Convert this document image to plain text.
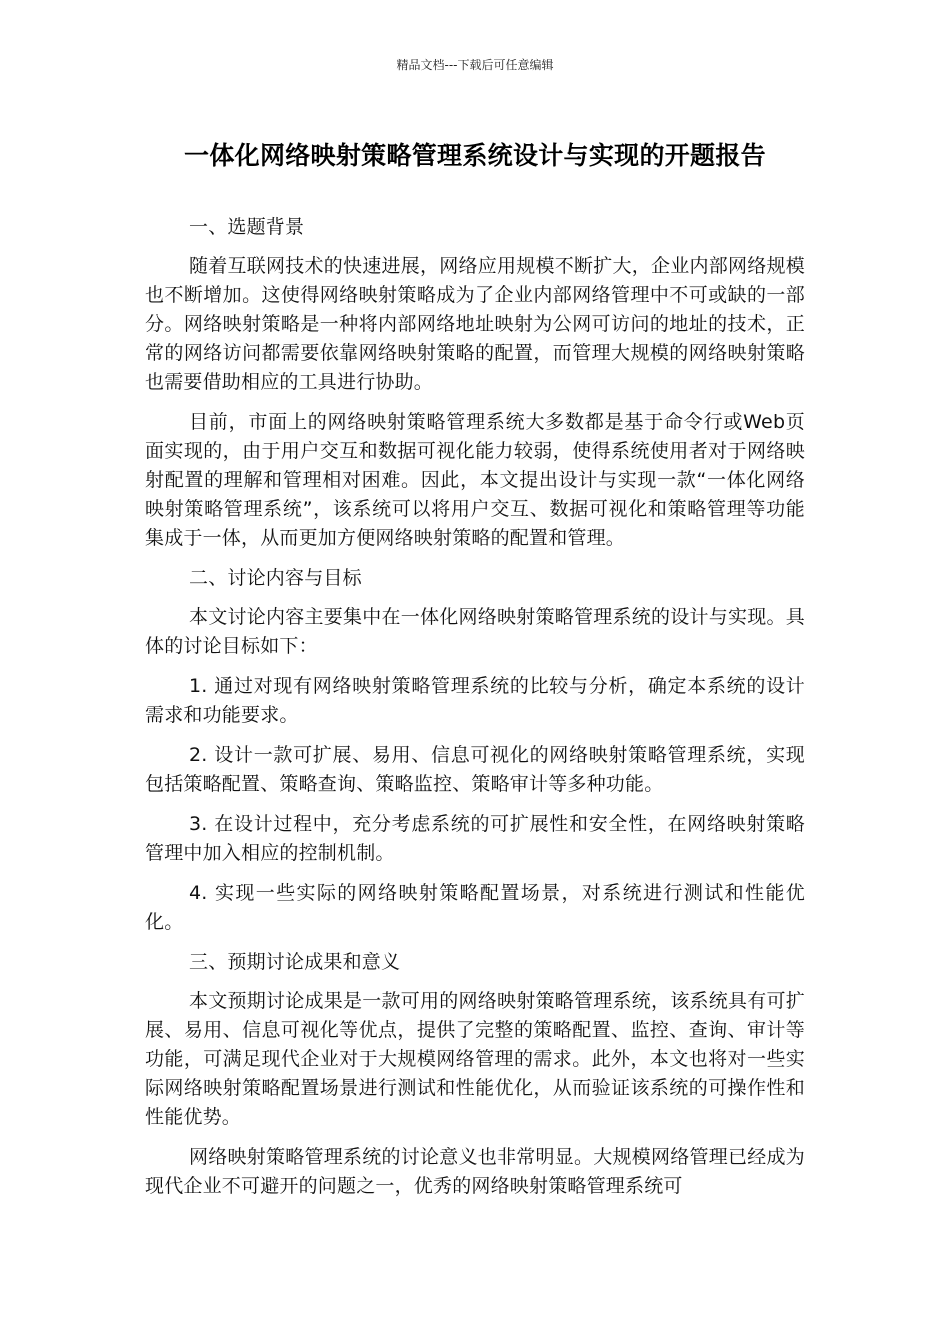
精品文档---下载后可任意编辑
一体化网络映射策略管理系统设计与实现的开题报告

一、选题背景

随着互联网技术的快速进展，网络应用规模不断扩大，企业内部网络规模也不断增加。这使得网络映射策略成为了企业内部网络管理中不可或缺的一部分。网络映射策略是一种将内部网络地址映射为公网可访问的地址的技术，正常的网络访问都需要依靠网络映射策略的配置，而管理大规模的网络映射策略也需要借助相应的工具进行协助。

目前，市面上的网络映射策略管理系统大多数都是基于命令行或Web页面实现的，由于用户交互和数据可视化能力较弱，使得系统使用者对于网络映射配置的理解和管理相对困难。因此，本文提出设计与实现一款“一体化网络映射策略管理系统”，该系统可以将用户交互、数据可视化和策略管理等功能集成于一体，从而更加方便网络映射策略的配置和管理。

二、讨论内容与目标

本文讨论内容主要集中在一体化网络映射策略管理系统的设计与实现。具体的讨论目标如下：

1. 通过对现有网络映射策略管理系统的比较与分析，确定本系统的设计需求和功能要求。

2. 设计一款可扩展、易用、信息可视化的网络映射策略管理系统，实现包括策略配置、策略查询、策略监控、策略审计等多种功能。

3. 在设计过程中，充分考虑系统的可扩展性和安全性，在网络映射策略管理中加入相应的控制机制。

4. 实现一些实际的网络映射策略配置场景，对系统进行测试和性能优化。

三、预期讨论成果和意义

本文预期讨论成果是一款可用的网络映射策略管理系统，该系统具有可扩展、易用、信息可视化等优点，提供了完整的策略配置、监控、查询、审计等功能，可满足现代企业对于大规模网络管理的需求。此外，本文也将对一些实际网络映射策略配置场景进行测试和性能优化，从而验证该系统的可操作性和性能优势。

网络映射策略管理系统的讨论意义也非常明显。大规模网络管理已经成为现代企业不可避开的问题之一，优秀的网络映射策略管理系统可
